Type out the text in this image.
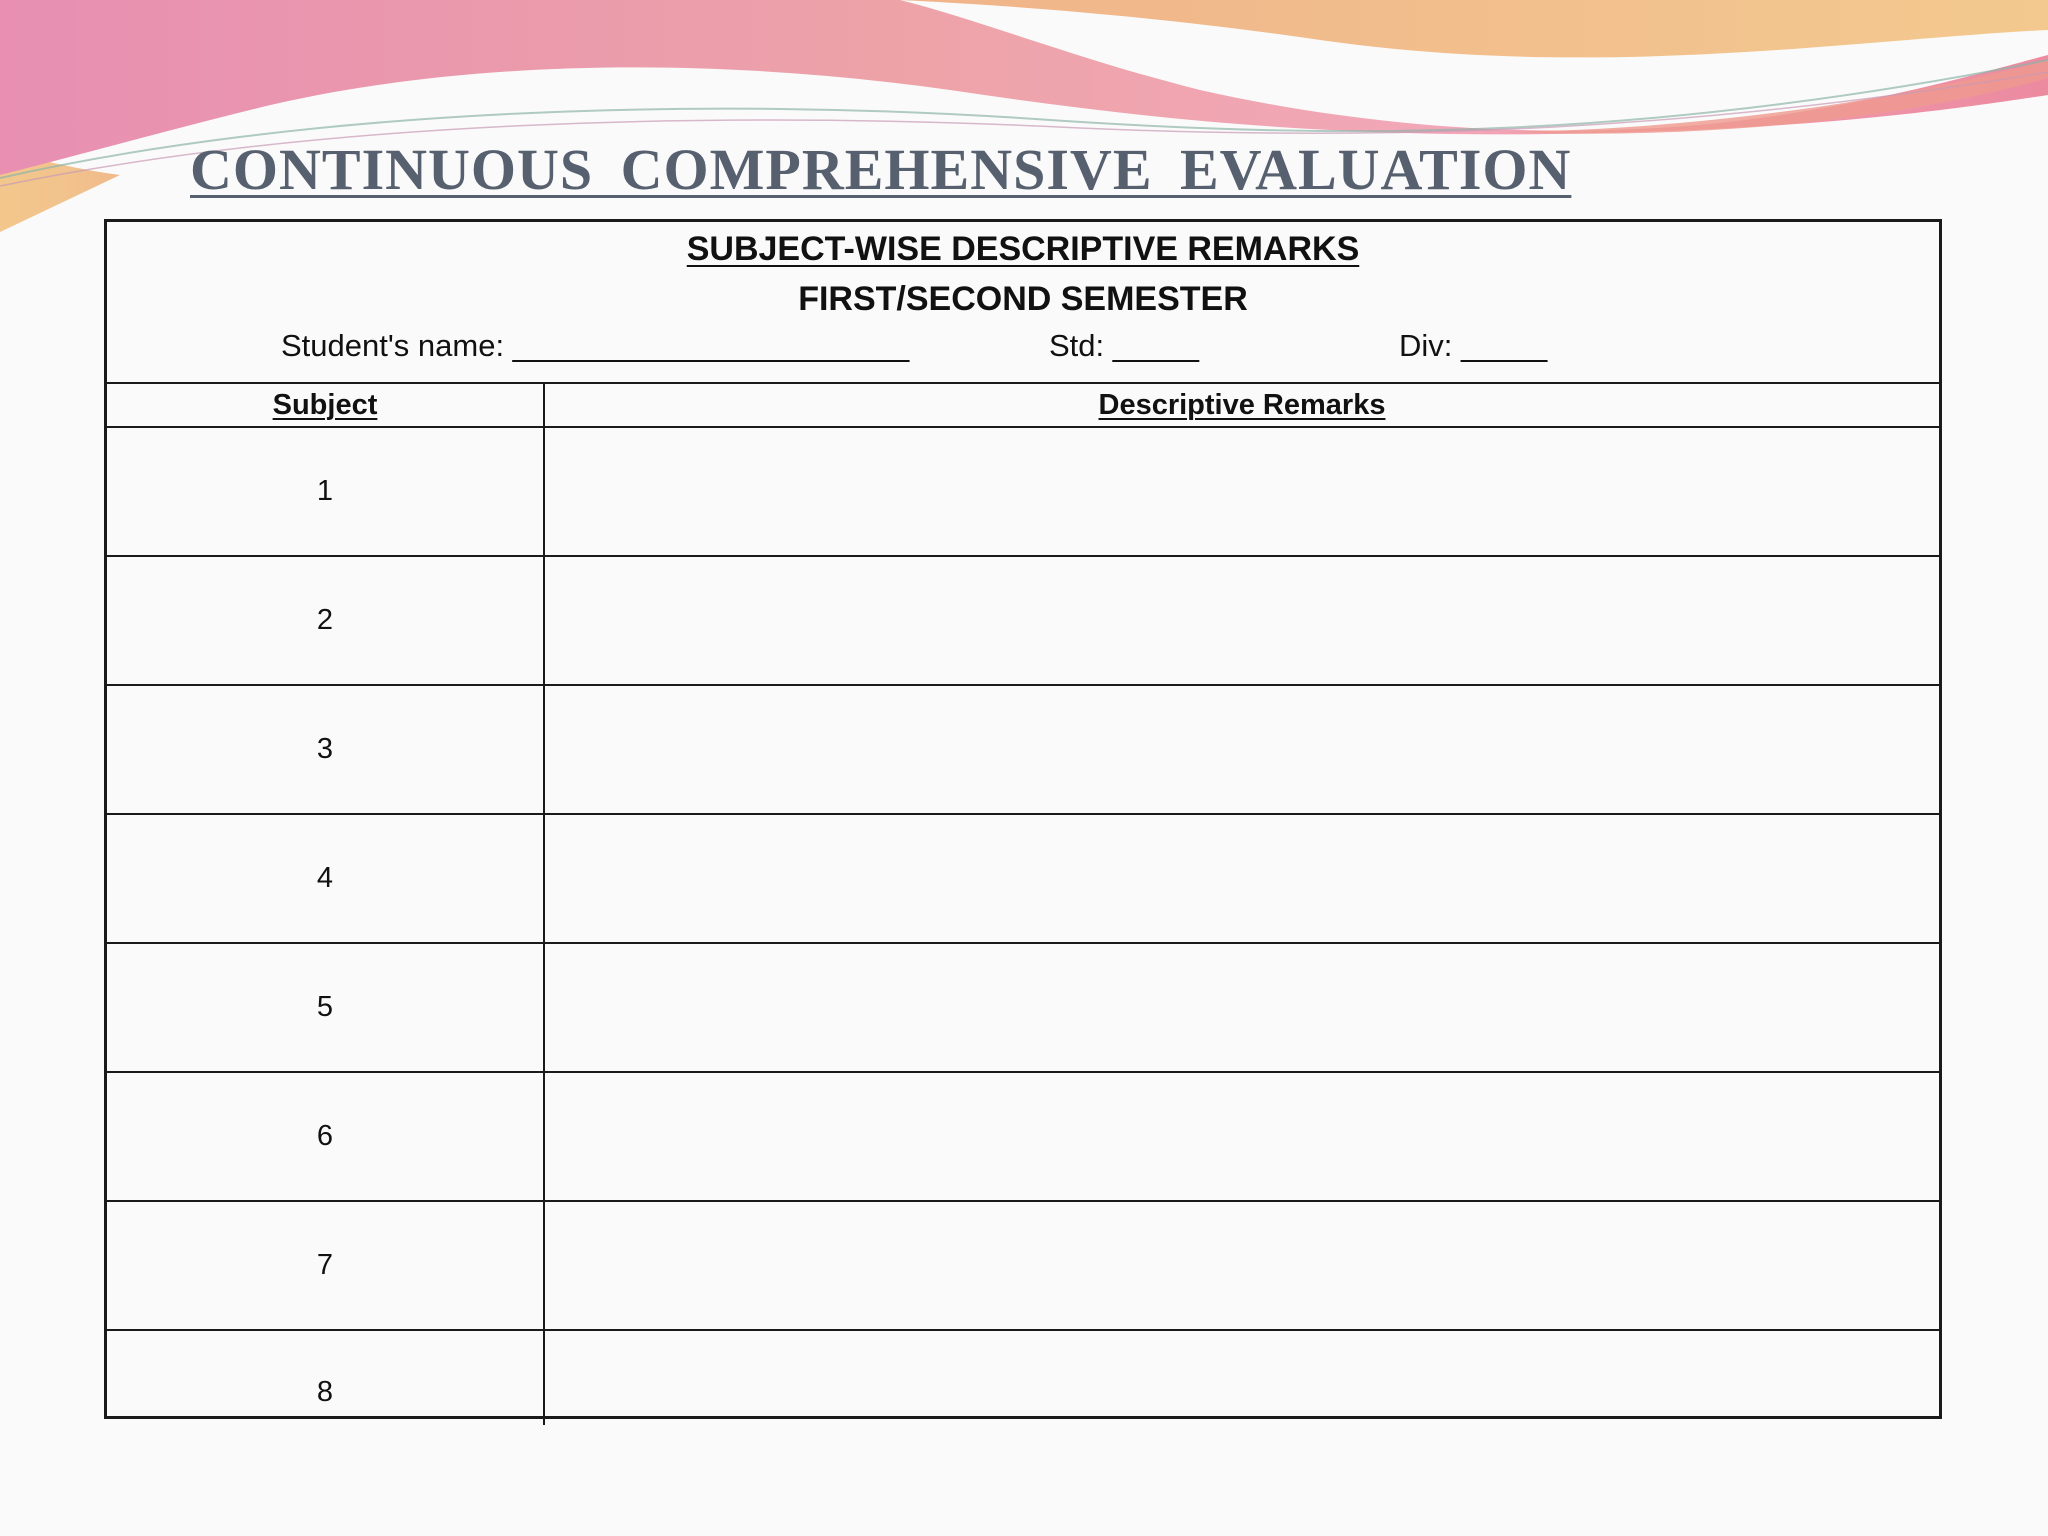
CONTINUOUS COMPREHENSIVE EVALUATION
SUBJECT-WISE DESCRIPTIVE REMARKS
FIRST/SECOND SEMESTER
Student's name: _______________________	Std: _____	Div: _____
Subject	Descriptive Remarks
1	
2	
3	
4	
5	
6	
7	
8	
